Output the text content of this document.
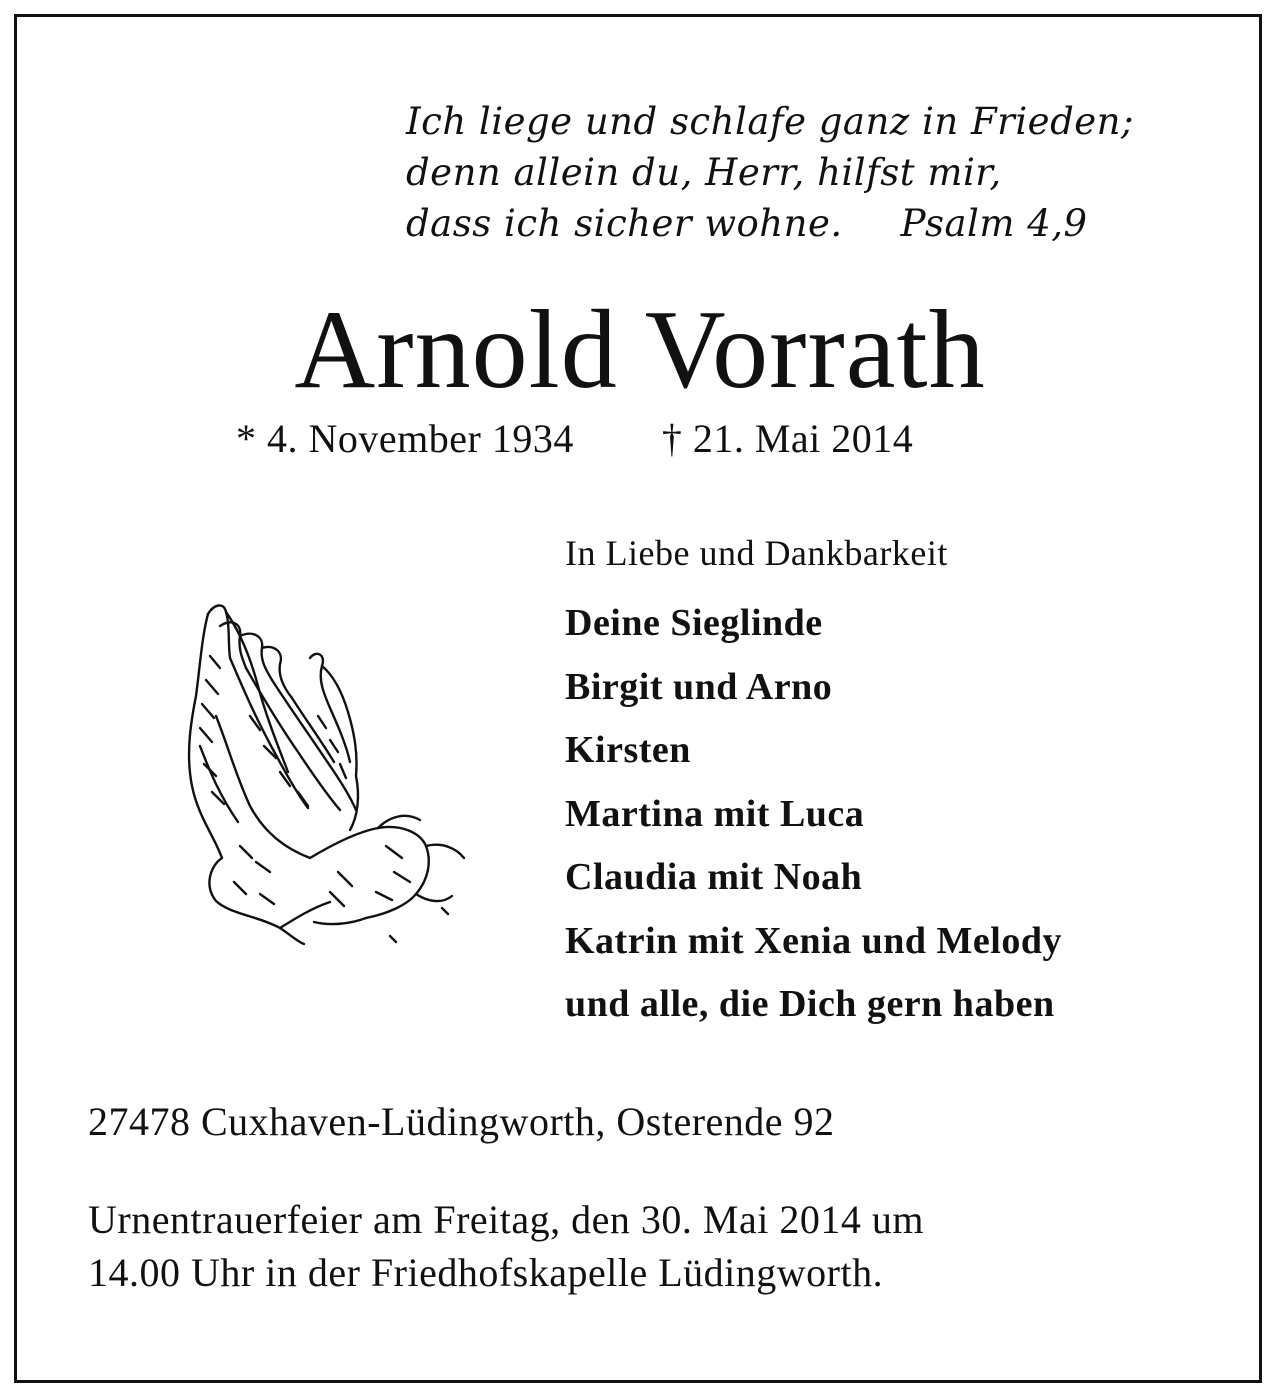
Ich liege und schlafe ganz in Frieden;
denn allein du, Herr, hilfst mir,
dass ich sicher wohne. Psalm 4,9
Arnold Vorrath
* 4. November 1934 † 21. Mai 2014
In Liebe und Dankbarkeit
Deine Sieglinde
Birgit und Arno
Kirsten
Martina mit Luca
Claudia mit Noah
Katrin mit Xenia und Melody
und alle, die Dich gern haben
27478 Cuxhaven-Lüdingworth, Osterende 92
Urnentrauerfeier am Freitag, den 30. Mai 2014 um
14.00 Uhr in der Friedhofskapelle Lüdingworth.
